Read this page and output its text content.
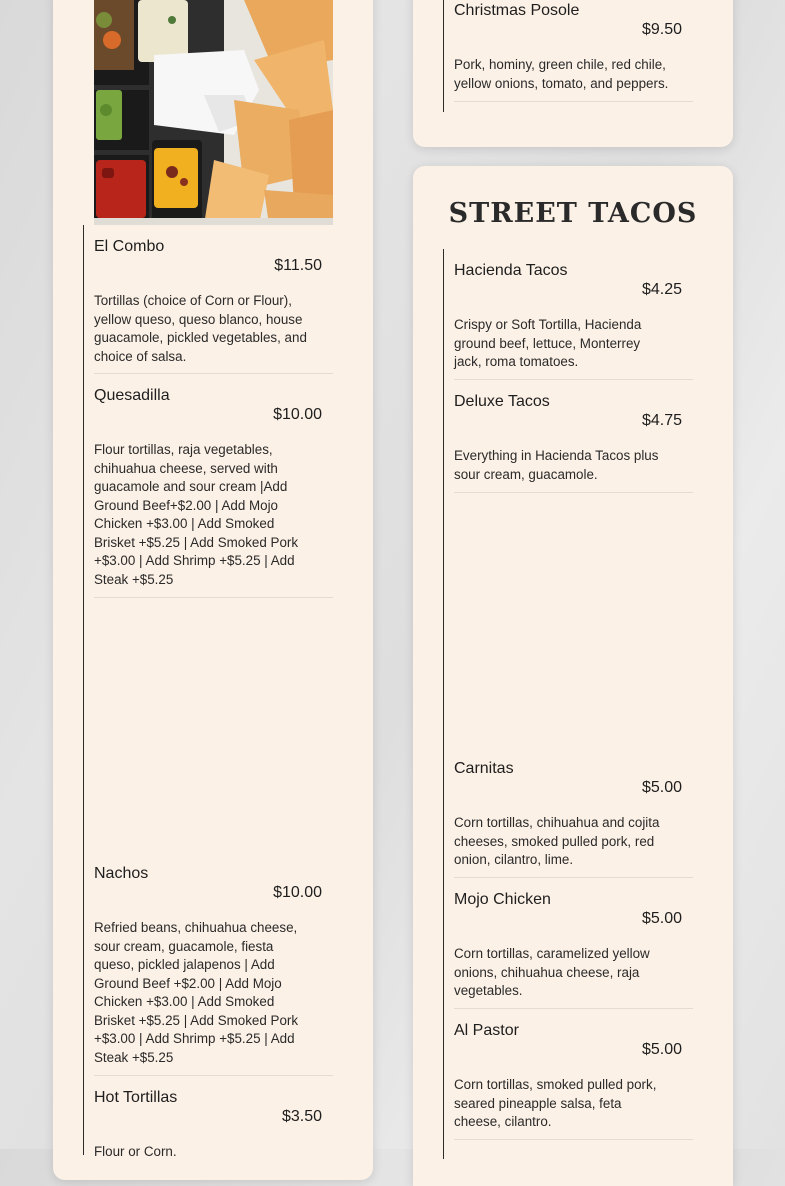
El Combo
$11.50
Tortillas (choice of Corn or Flour), yellow queso, queso blanco, house guacamole, pickled vegetables, and choice of salsa.
Quesadilla
$10.00
Flour tortillas, raja vegetables, chihuahua cheese, served with guacamole and sour cream |Add Ground Beef+$2.00 | Add Mojo Chicken +$3.00 | Add Smoked Brisket +$5.25 | Add Smoked Pork +$3.00 | Add Shrimp +$5.25 | Add Steak +$5.25
Nachos
$10.00
Refried beans, chihuahua cheese, sour cream, guacamole, fiesta queso, pickled jalapenos | Add Ground Beef +$2.00 | Add Mojo Chicken +$3.00 | Add Smoked Brisket +$5.25 | Add Smoked Pork +$3.00 | Add Shrimp +$5.25 | Add Steak +$5.25
Hot Tortillas
$3.50
Flour or Corn.
Christmas Posole
$9.50
Pork, hominy, green chile, red chile, yellow onions, tomato, and peppers.
STREET TACOS
Hacienda Tacos
$4.25
Crispy or Soft Tortilla, Hacienda ground beef, lettuce, Monterrey jack, roma tomatoes.
Deluxe Tacos
$4.75
Everything in Hacienda Tacos plus sour cream, guacamole.
Carnitas
$5.00
Corn tortillas, chihuahua and cojita cheeses, smoked pulled pork, red onion, cilantro, lime.
Mojo Chicken
$5.00
Corn tortillas, caramelized yellow onions, chihuahua cheese, raja vegetables.
Al Pastor
$5.00
Corn tortillas, smoked pulled pork, seared pineapple salsa, feta cheese, cilantro.
